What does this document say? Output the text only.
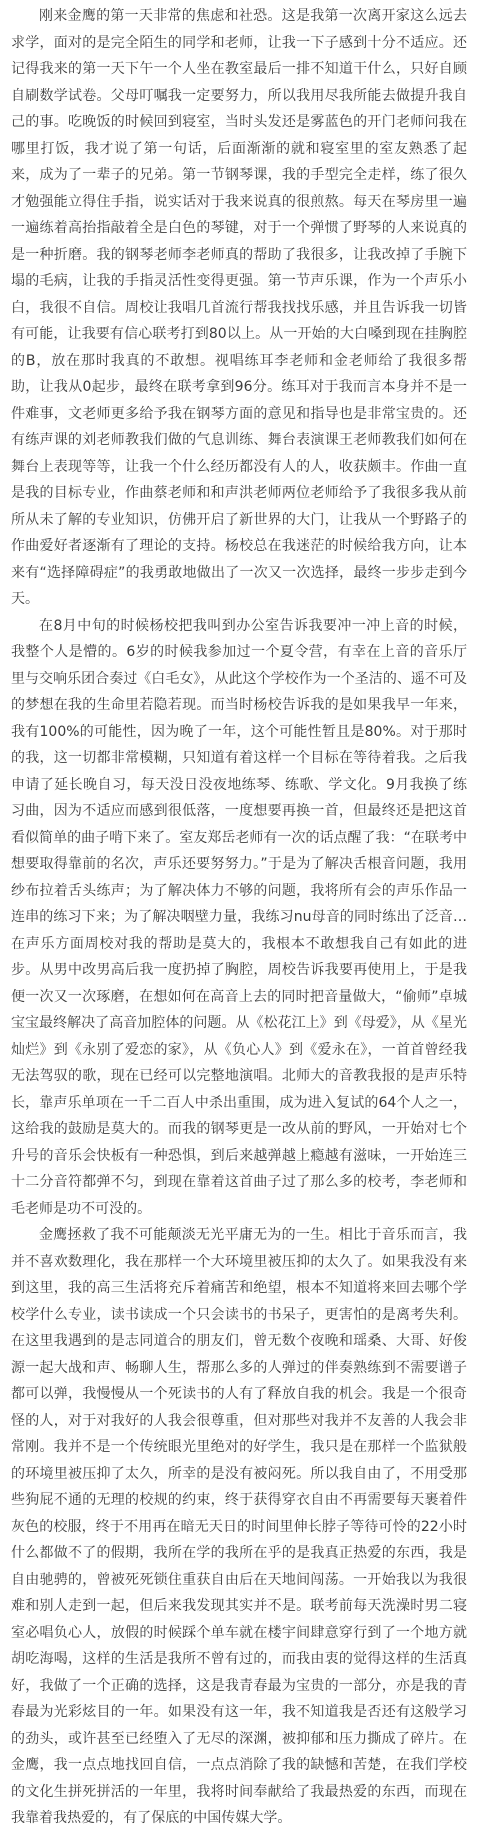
刚来金鹰的第一天非常的焦虑和社恐。这是我第一次离开家这么远去求学，面对的是完全陌生的同学和老师，让我一下子感到十分不适应。还记得我来的第一天下午一个人坐在教室最后一排不知道干什么，只好自顾自刷数学试卷。父母叮嘱我一定要努力，所以我用尽我所能去做提升我自己的事。吃晚饭的时候回到寝室，当时头发还是雾蓝色的开门老师问我在哪里打饭，我才说了第一句话，后面渐渐的就和寝室里的室友熟悉了起来，成为了一辈子的兄弟。第一节钢琴课，我的手型完全走样，练了很久才勉强能立得住手指，说实话对于我来说真的很煎熬。每天在琴房里一遍一遍练着高抬指敲着全是白色的琴键，对于一个弹惯了野琴的人来说真的是一种折磨。我的钢琴老师李老师真的帮助了我很多，让我改掉了手腕下塌的毛病，让我的手指灵活性变得更强。第一节声乐课，作为一个声乐小白，我很不自信。周校让我唱几首流行帮我找找乐感，并且告诉我一切皆有可能，让我要有信心联考打到80以上。从一开始的大白嗓到现在挂胸腔的B，放在那时我真的不敢想。视唱练耳李老师和金老师给了我很多帮助，让我从0起步，最终在联考拿到96分。练耳对于我而言本身并不是一件难事，文老师更多给予我在钢琴方面的意见和指导也是非常宝贵的。还有练声课的刘老师教我们做的气息训练、舞台表演课王老师教我们如何在舞台上表现等等，让我一个什么经历都没有人的人，收获颇丰。作曲一直是我的目标专业，作曲蔡老师和和声洪老师两位老师给予了我很多我从前所从未了解的专业知识，仿佛开启了新世界的大门，让我从一个野路子的作曲爱好者逐渐有了理论的支持。杨校总在我迷茫的时候给我方向，让本来有“选择障碍症”的我勇敢地做出了一次又一次选择，最终一步步走到今天。

在8月中旬的时候杨校把我叫到办公室告诉我要冲一冲上音的时候，我整个人是懵的。6岁的时候我参加过一个夏令营，有幸在上音的音乐厅里与交响乐团合奏过《白毛女》，从此这个学校作为一个圣洁的、遥不可及的梦想在我的生命里若隐若现。而当时杨校告诉我的是如果我早一年来，我有100%的可能性，因为晚了一年，这个可能性暂且是80%。对于那时的我，这一切都非常模糊，只知道有着这样一个目标在等待着我。之后我申请了延长晚自习，每天没日没夜地练琴、练歌、学文化。9月我换了练习曲，因为不适应而感到很低落，一度想要再换一首，但最终还是把这首看似简单的曲子啃下来了。室友郑岳老师有一次的话点醒了我：“在联考中想要取得靠前的名次，声乐还要努努力。”于是为了解决舌根音问题，我用纱布拉着舌头练声；为了解决体力不够的问题，我将所有会的声乐作品一连串的练习下来；为了解决咽壁力量，我练习nu母音的同时练出了泛音…在声乐方面周校对我的帮助是莫大的，我根本不敢想我自己有如此的进步。从男中改男高后我一度扔掉了胸腔，周校告诉我要再使用上，于是我便一次又一次琢磨，在想如何在高音上去的同时把音量做大，“偷师”卓城宝宝最终解决了高音加腔体的问题。从《松花江上》到《母爱》，从《星光灿烂》到《永别了爱恋的家》，从《负心人》到《爱永在》，一首首曾经我无法驾驭的歌，现在已经可以完整地演唱。北师大的音教我报的是声乐特长，靠声乐单项在一千二百人中杀出重围，成为进入复试的64个人之一，这给我的鼓励是莫大的。而我的钢琴更是一改从前的野风，一开始对七个升号的音乐会快板有一种恐惧，到后来越弹越上瘾越有滋味，一开始连三十二分音符都弹不匀，到现在靠着这首曲子过了那么多的校考，李老师和毛老师是功不可没的。

金鹰拯救了我不可能颠淡无光平庸无为的一生。相比于音乐而言，我并不喜欢数理化，我在那样一个大环境里被压抑的太久了。如果我没有来到这里，我的高三生活将充斥着痛苦和绝望，根本不知道将来回去哪个学校学什么专业，读书读成一个只会读书的书呆子，更害怕的是离考失利。在这里我遇到的是志同道合的朋友们，曾无数个夜晚和瑶桑、大哥、好俊源一起大战和声、畅聊人生，帮那么多的人弹过的伴奏熟练到不需要谱子都可以弹，我慢慢从一个死读书的人有了释放自我的机会。我是一个很奇怪的人，对于对我好的人我会很尊重，但对那些对我并不友善的人我会非常刚。我并不是一个传统眼光里绝对的好学生，我只是在那样一个监狱般的环境里被压抑了太久，所幸的是没有被闷死。所以我自由了，不用受那些狗屁不通的无理的校规的约束，终于获得穿衣自由不再需要每天裹着件灰色的校服，终于不用再在暗无天日的时间里伸长脖子等待可怜的22小时什么都做不了的假期，我所在学的我所在乎的是我真正热爱的东西，我是自由驰骋的，曾被死死锁住重获自由后在天地间闯荡。一开始我以为我很难和别人走到一起，但后来我发现其实并不是。联考前每天洗澡时男二寝室必唱负心人，放假的时候踩个单车就在楼宇间肆意穿行到了一个地方就胡吃海喝，这样的生活是我所不曾有过的，而我由衷的觉得这样的生活真好，我做了一个正确的选择，这是我青春最为宝贵的一部分，亦是我的青春最为光彩炫目的一年。如果没有这一年，我不知道我是否还有这般学习的劲头，或许甚至已经堕入了无尽的深渊，被抑郁和压力撕成了碎片。在金鹰，我一点点地找回自信，一点点消除了我的缺憾和苦楚，在我们学校的文化生拼死拼活的一年里，我将时间奉献给了我最热爱的东西，而现在我靠着我热爱的，有了保底的中国传媒大学。
